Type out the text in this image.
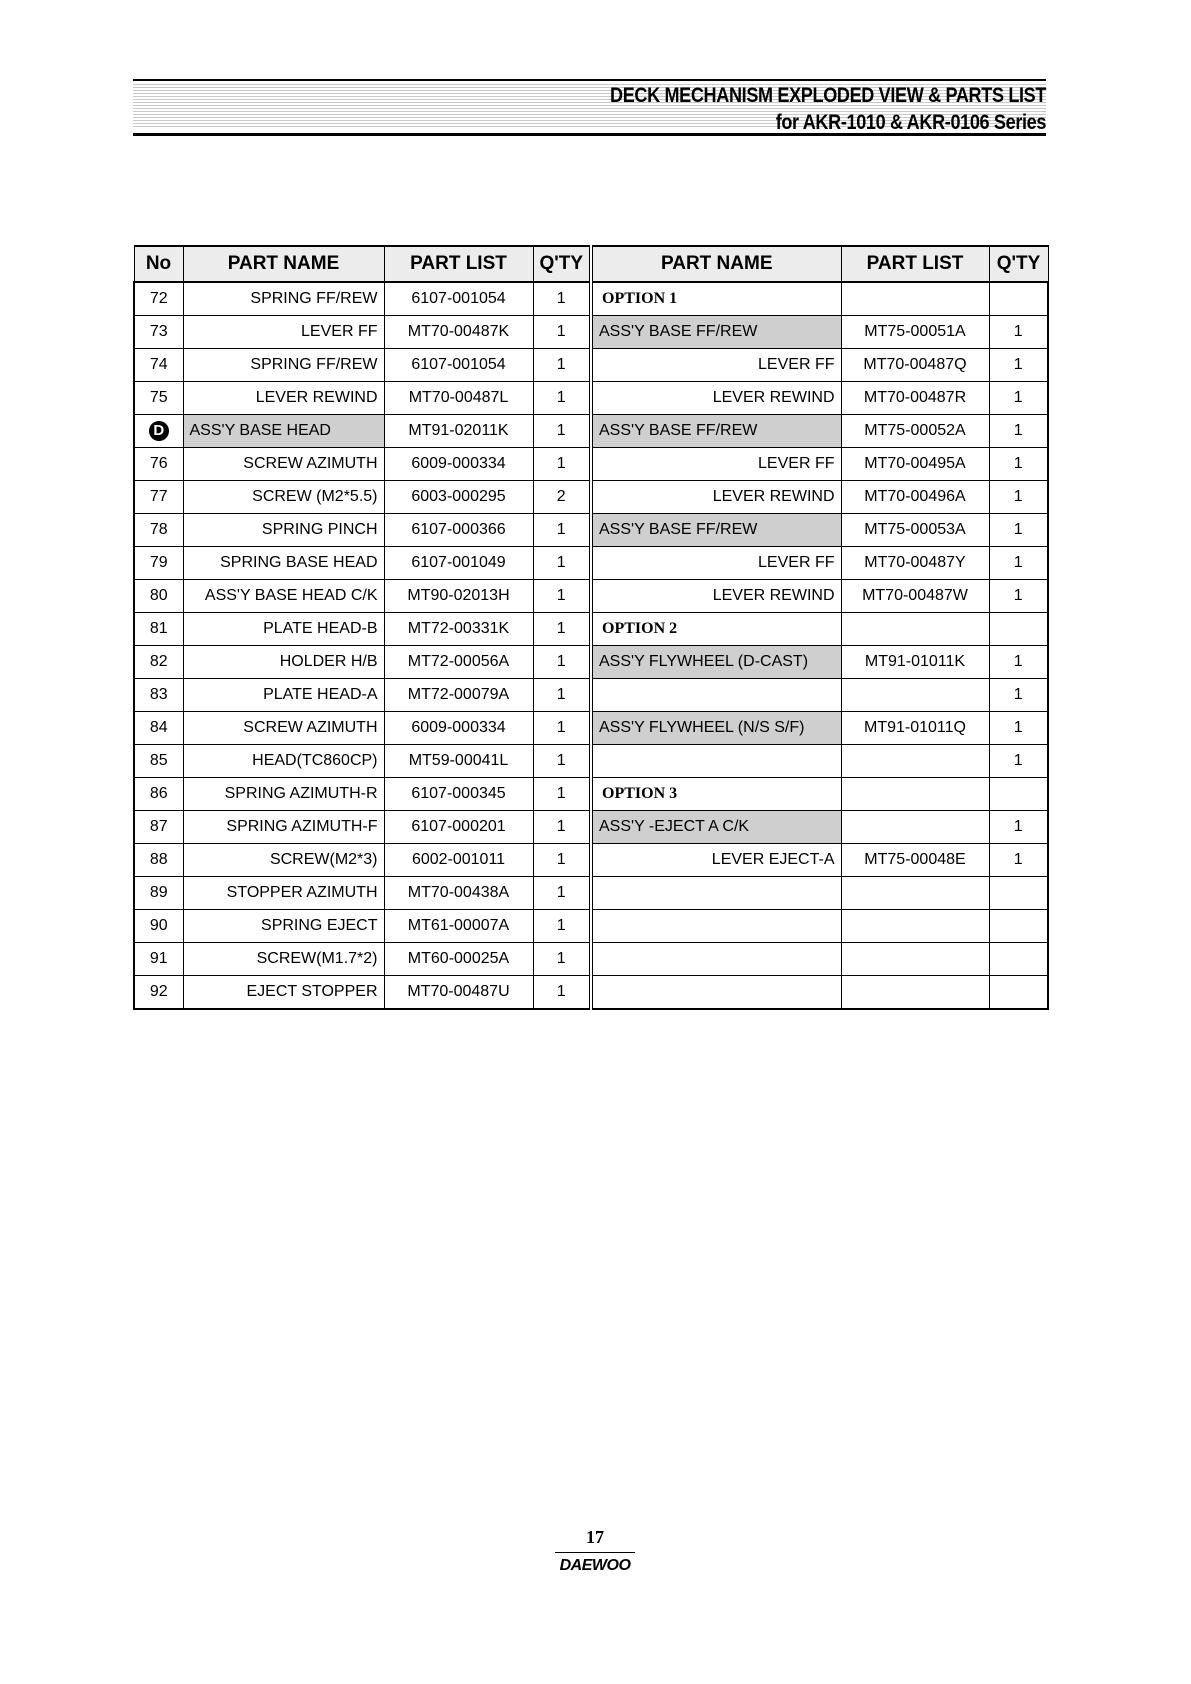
DECK MECHANISM EXPLODED VIEW & PARTS LIST
for AKR-1010 & AKR-0106 Series
No	PART NAME	PART LIST	Q'TY	PART NAME	PART LIST	Q'TY
72	SPRING FF/REW	6107-001054	1	OPTION 1		
73	LEVER FF	MT70-00487K	1	ASS'Y BASE FF/REW	MT75-00051A	1
74	SPRING FF/REW	6107-001054	1	LEVER FF	MT70-00487Q	1
75	LEVER REWIND	MT70-00487L	1	LEVER REWIND	MT70-00487R	1
D	ASS'Y BASE HEAD	MT91-02011K	1	ASS'Y BASE FF/REW	MT75-00052A	1
76	SCREW AZIMUTH	6009-000334	1	LEVER FF	MT70-00495A	1
77	SCREW (M2*5.5)	6003-000295	2	LEVER REWIND	MT70-00496A	1
78	SPRING PINCH	6107-000366	1	ASS'Y BASE FF/REW	MT75-00053A	1
79	SPRING BASE HEAD	6107-001049	1	LEVER FF	MT70-00487Y	1
80	ASS'Y BASE HEAD C/K	MT90-02013H	1	LEVER REWIND	MT70-00487W	1
81	PLATE HEAD-B	MT72-00331K	1	OPTION 2		
82	HOLDER H/B	MT72-00056A	1	ASS'Y FLYWHEEL (D-CAST)	MT91-01011K	1
83	PLATE HEAD-A	MT72-00079A	1			1
84	SCREW AZIMUTH	6009-000334	1	ASS'Y FLYWHEEL (N/S S/F)	MT91-01011Q	1
85	HEAD(TC860CP)	MT59-00041L	1			1
86	SPRING AZIMUTH-R	6107-000345	1	OPTION 3		
87	SPRING AZIMUTH-F	6107-000201	1	ASS'Y -EJECT A C/K		1
88	SCREW(M2*3)	6002-001011	1	LEVER EJECT-A	MT75-00048E	1
89	STOPPER AZIMUTH	MT70-00438A	1			
90	SPRING EJECT	MT61-00007A	1			
91	SCREW(M1.7*2)	MT60-00025A	1			
92	EJECT STOPPER	MT70-00487U	1			
17
DAEWOO
